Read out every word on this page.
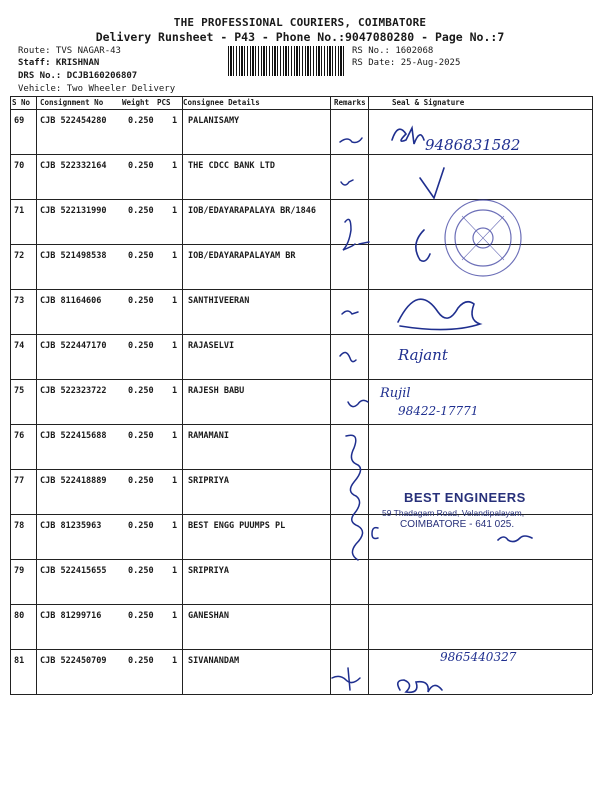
THE PROFESSIONAL COURIERS, COIMBATORE
Delivery Runsheet - P43 - Phone No.:9047080280 - Page No.:7
Route: TVS NAGAR-43
Staff: KRISHNAN
DRS No.: DCJB160206807
Vehicle: Two Wheeler Delivery
RS No.: 1602068
RS Date: 25-Aug-2025
S No Consignment No	Weight PCS Consignee Details	Remarks	Seal & Signature
69 CJB 522454280	0.250 1 PALANISAMY
70 CJB 522332164	0.250 1 THE CDCC BANK LTD
71 CJB 522131990	0.250 1 IOB/EDAYARAPALAYA BR/1846
72 CJB 521498538	0.250 1 IOB/EDAYARAPALAYAM BR
73 CJB 81164606	0.250 1 SANTHIVEERAN
74 CJB 522447170	0.250 1 RAJASELVI
75 CJB 522323722	0.250 1 RAJESH BABU
76 CJB 522415688	0.250 1 RAMAMANI
77 CJB 522418889	0.250 1 SRIPRIYA
78 CJB 81235963	0.250 1 BEST ENGG PUUMPS PL
79 CJB 522415655	0.250 1 SRIPRIYA
80 CJB 81299716	0.250 1 GANESHAN
81 CJB 522450709	0.250 1 SIVANANDAM
9486831582
Rajant
Rujil
98422-17771
9865440327
BEST ENGINEERS
59 Thadagam Road, Velandipalayam,
COIMBATORE - 641 025.
